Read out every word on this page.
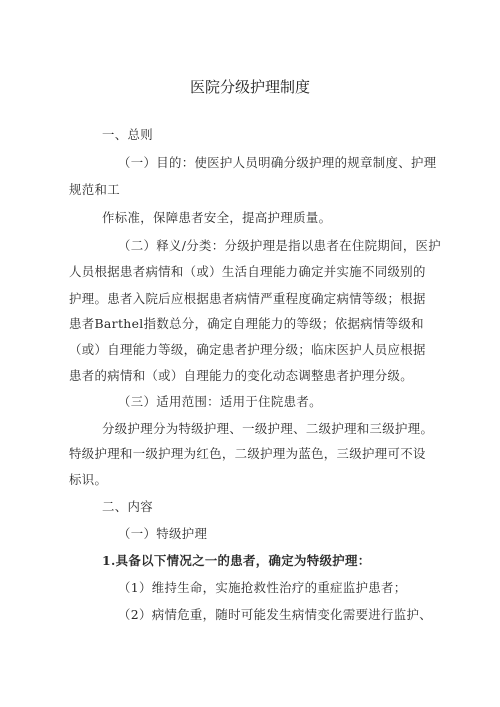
医院分级护理制度
一、总则
（一）目的：使医护人员明确分级护理的规章制度、护理
规范和工
作标准，保障患者安全，提高护理质量。
（二）释义/分类：分级护理是指以患者在住院期间，医护
人员根据患者病情和（或）生活自理能力确定并实施不同级别的
护理。患者入院后应根据患者病情严重程度确定病情等级；根据
患者Barthel指数总分，确定自理能力的等级；依据病情等级和
（或）自理能力等级，确定患者护理分级；临床医护人员应根据
患者的病情和（或）自理能力的变化动态调整患者护理分级。
（三）适用范围：适用于住院患者。
分级护理分为特级护理、一级护理、二级护理和三级护理。
特级护理和一级护理为红色，二级护理为蓝色，三级护理可不设
标识。
二、内容
（一）特级护理
1.具备以下情况之一的患者，确定为特级护理：
（1）维持生命，实施抢救性治疗的重症监护患者；
（2）病情危重，随时可能发生病情变化需要进行监护、
